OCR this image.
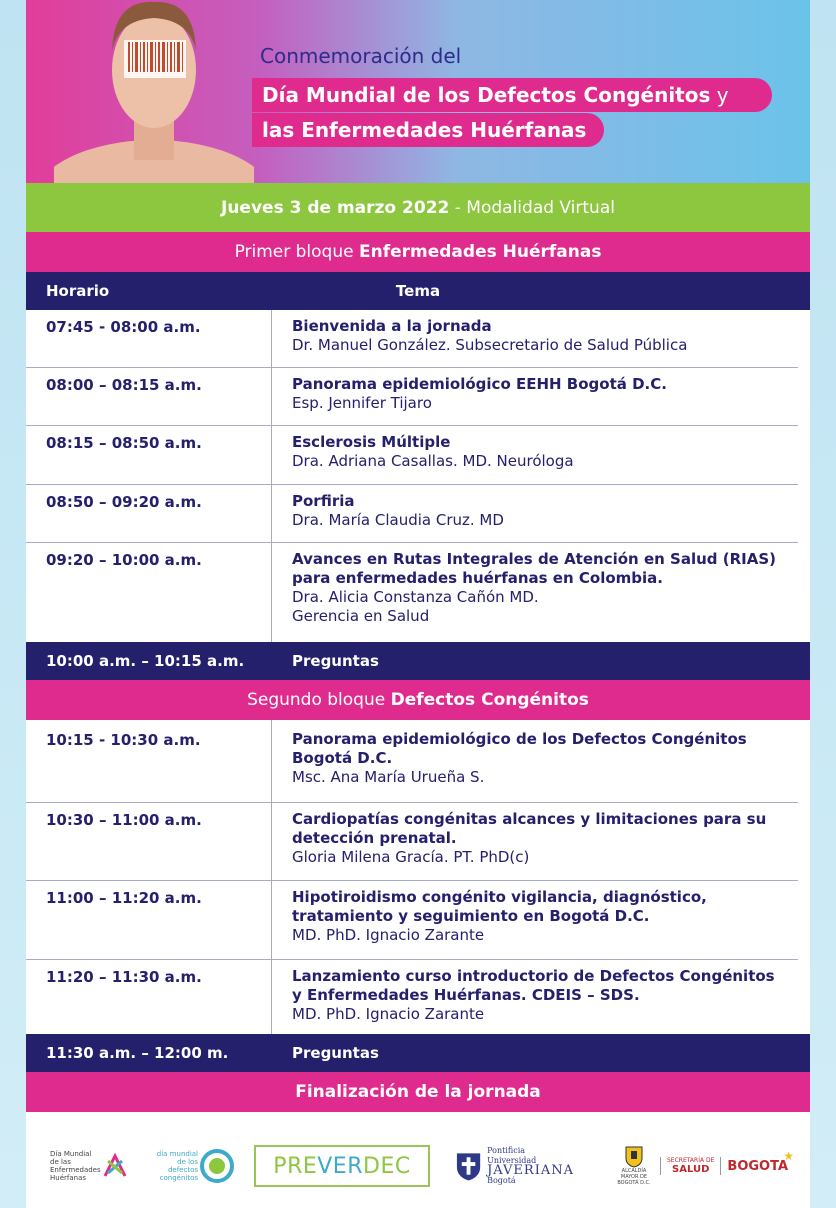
Conmemoración del
Día Mundial de los Defectos Congénitos y
las Enfermedades Huérfanas
Jueves 3 de marzo 2022 - Modalidad Virtual
Primer bloque Enfermedades Huérfanas
Horario	Tema
07:45 - 08:00 a.m.	Bienvenida a la jornada
Dr. Manuel González. Subsecretario de Salud Pública
08:00 – 08:15 a.m.	Panorama epidemiológico EEHH Bogotá D.C.
Esp. Jennifer Tijaro
08:15 – 08:50 a.m.	Esclerosis Múltiple
Dra. Adriana Casallas. MD. Neuróloga
08:50 – 09:20 a.m.	Porfiria
Dra. María Claudia Cruz. MD
09:20 – 10:00 a.m.	Avances en Rutas Integrales de Atención en Salud (RIAS) para enfermedades huérfanas en Colombia.
Dra. Alicia Constanza Cañón MD.
Gerencia en Salud
10:00 a.m. – 10:15 a.m.	Preguntas
Segundo bloque Defectos Congénitos
10:15 - 10:30 a.m.	Panorama epidemiológico de los Defectos Congénitos Bogotá D.C.
Msc. Ana María Urueña S.
10:30 – 11:00 a.m.	Cardiopatías congénitas alcances y limitaciones para su detección prenatal.
Gloria Milena Gracía. PT. PhD(c)
11:00 – 11:20 a.m.	Hipotiroidismo congénito vigilancia, diagnóstico, tratamiento y seguimiento en Bogotá D.C.
MD. PhD. Ignacio Zarante
11:20 – 11:30 a.m.	Lanzamiento curso introductorio de Defectos Congénitos y Enfermedades Huérfanas. CDEIS – SDS.
MD. PhD. Ignacio Zarante
11:30 a.m. – 12:00 m.	Preguntas
Finalización de la jornada
Día Mundial de las Enfermedades Huérfanas
día mundial de los defectos congénitos	PRE VER DEC
Pontificia Universidad
JAVERIANA
Bogotá
ALCALDÍA MAYOR DE BOGOTÁ D.C.
SECRETARÍA DE
SALUD	BOGOTA
★
